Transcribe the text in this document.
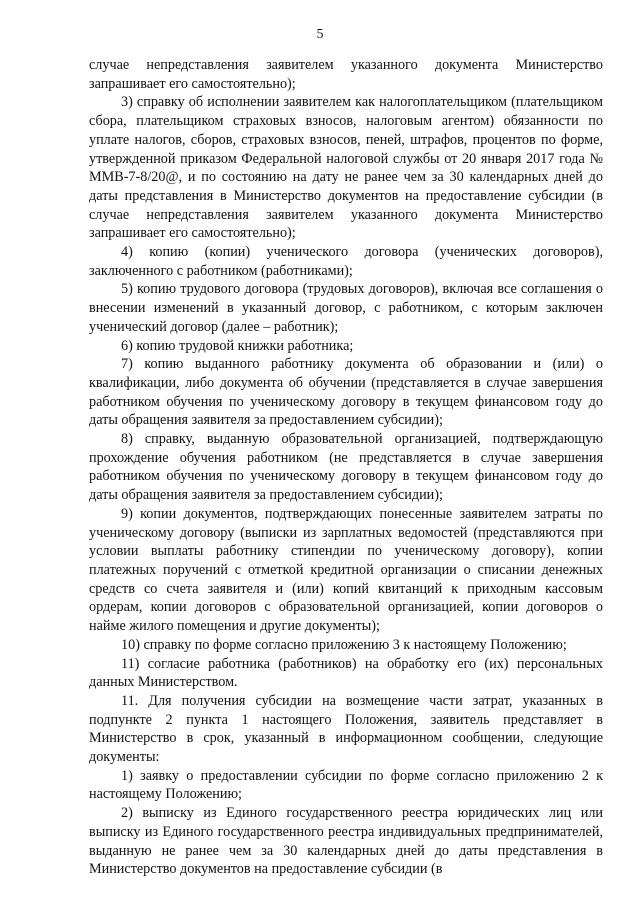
5

случае непредставления заявителем указанного документа Министерство запрашивает его самостоятельно);

3) справку об исполнении заявителем как налогоплательщиком (плательщиком сбора, плательщиком страховых взносов, налоговым агентом) обязанности по уплате налогов, сборов, страховых взносов, пеней, штрафов, процентов по форме, утвержденной приказом Федеральной налоговой службы от 20 января 2017 года № ММВ-7-8/20@, и по состоянию на дату не ранее чем за 30 календарных дней до даты представления в Министерство документов на предоставление субсидии (в случае непредставления заявителем указанного документа Министерство запрашивает его самостоятельно);

4) копию (копии) ученического договора (ученических договоров), заключенного с работником (работниками);

5) копию трудового договора (трудовых договоров), включая все соглашения о внесении изменений в указанный договор, с работником, с которым заключен ученический договор (далее – работник);

6) копию трудовой книжки работника;

7) копию выданного работнику документа об образовании и (или) о квалификации, либо документа об обучении (представляется в случае завершения работником обучения по ученическому договору в текущем финансовом году до даты обращения заявителя за предоставлением субсидии);

8) справку, выданную образовательной организацией, подтверждающую прохождение обучения работником (не представляется в случае завершения работником обучения по ученическому договору в текущем финансовом году до даты обращения заявителя за предоставлением субсидии);

9) копии документов, подтверждающих понесенные заявителем затраты по ученическому договору (выписки из зарплатных ведомостей (представляются при условии выплаты работнику стипендии по ученическому договору), копии платежных поручений с отметкой кредитной организации о списании денежных средств со счета заявителя и (или) копий квитанций к приходным кассовым ордерам, копии договоров с образовательной организацией, копии договоров о найме жилого помещения и другие документы);

10) справку по форме согласно приложению 3 к настоящему Положению;

11) согласие работника (работников) на обработку его (их) персональных данных Министерством.

11. Для получения субсидии на возмещение части затрат, указанных в подпункте 2 пункта 1 настоящего Положения, заявитель представляет в Министерство в срок, указанный в информационном сообщении, следующие документы:

1) заявку о предоставлении субсидии по форме согласно приложению 2 к настоящему Положению;

2) выписку из Единого государственного реестра юридических лиц или выписку из Единого государственного реестра индивидуальных предпринимателей, выданную не ранее чем за 30 календарных дней до даты представления в Министерство документов на предоставление субсидии (в
